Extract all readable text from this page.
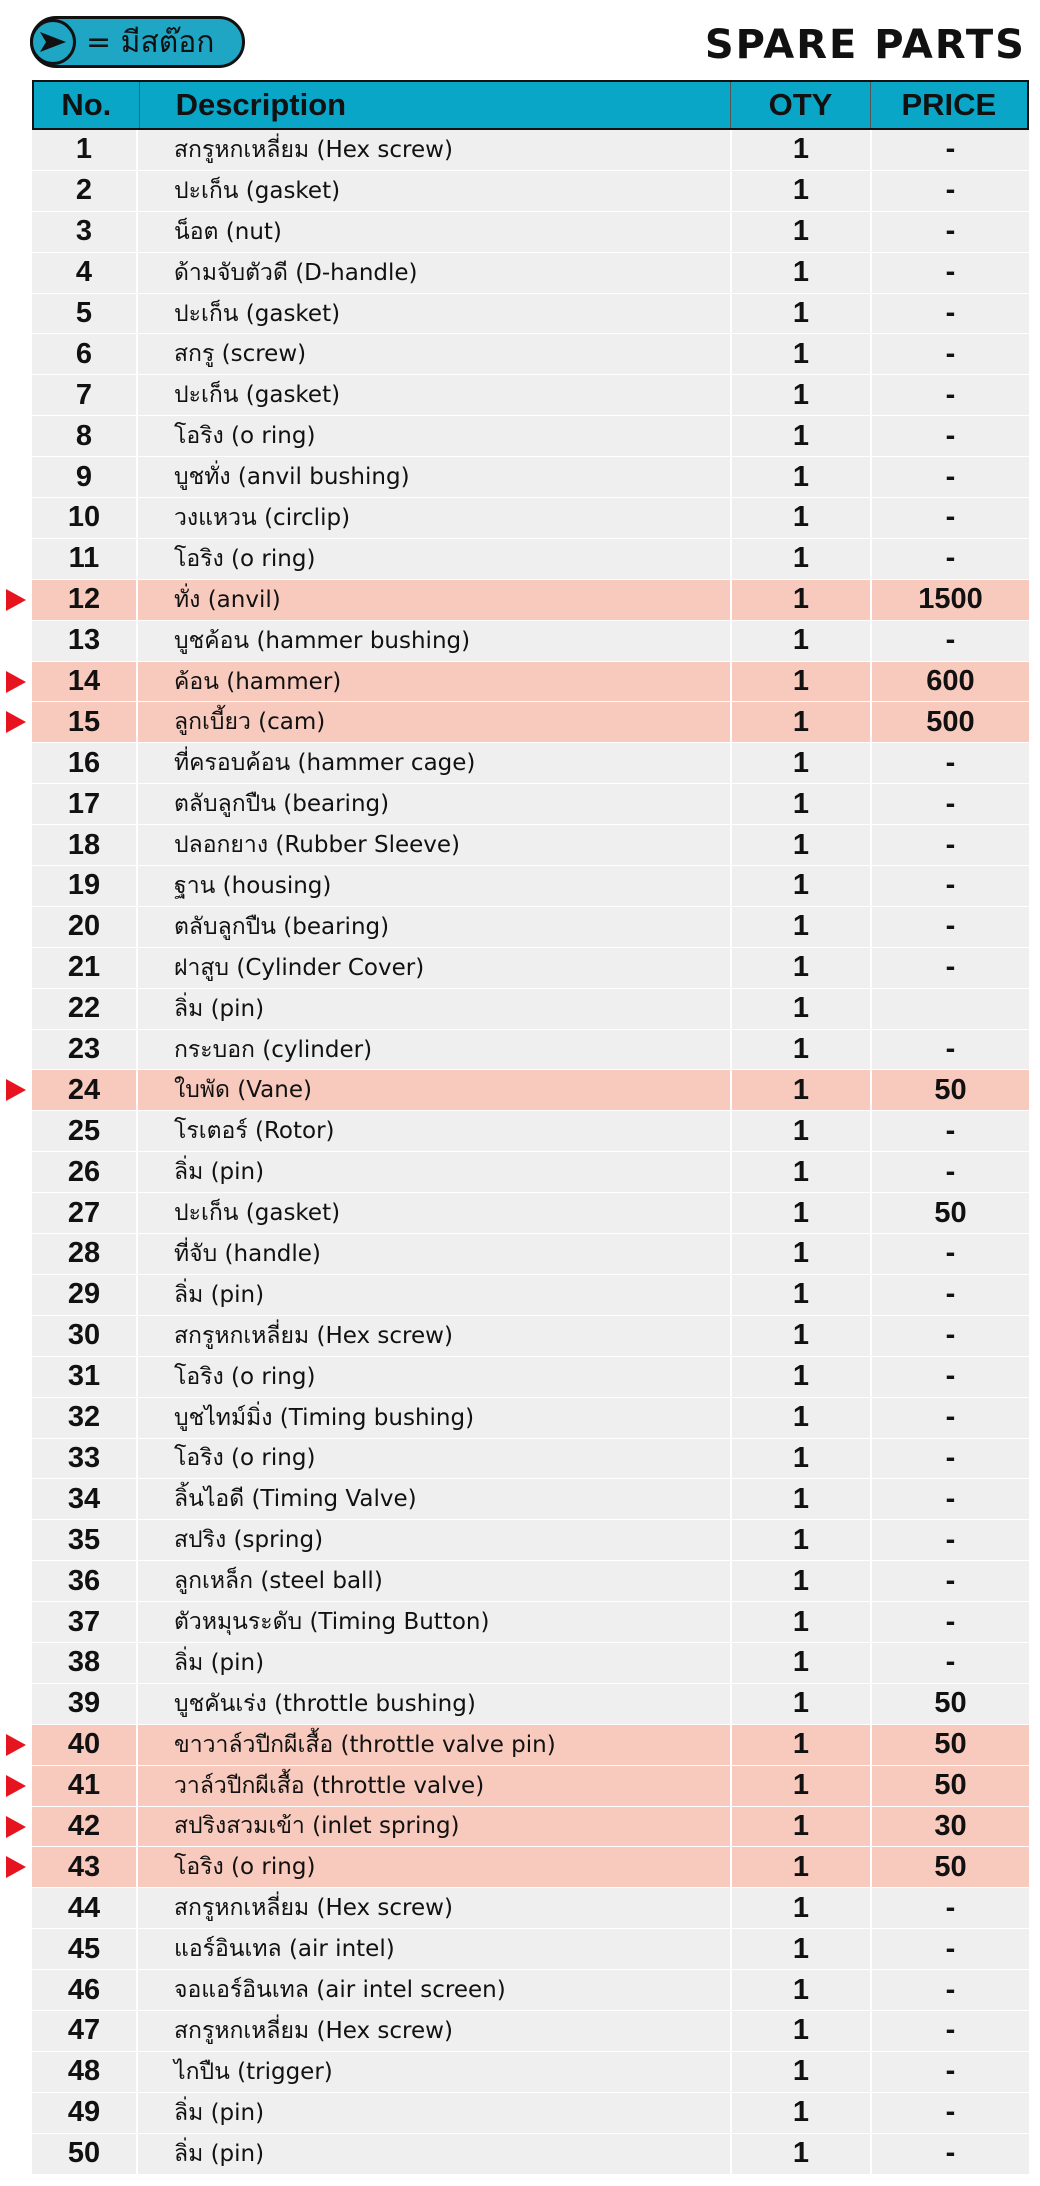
= มีสต๊อก	SPARE PARTS
No.	Description	OTY	PRICE
1	สกรูหกเหลี่ยม (Hex screw)	1	-
2	ปะเก็น (gasket)	1	-
3	น็อต (nut)	1	-
4	ด้ามจับตัวดี (D-handle)	1	-
5	ปะเก็น (gasket)	1	-
6	สกรู (screw)	1	-
7	ปะเก็น (gasket)	1	-
8	โอริง (o ring)	1	-
9	บูชทั่ง (anvil bushing)	1	-
10	วงแหวน (circlip)	1	-
11	โอริง (o ring)	1	-
12	ทั่ง (anvil)	1	1500
13	บูชค้อน (hammer bushing)	1	-
14	ค้อน (hammer)	1	600
15	ลูกเบี้ยว (cam)	1	500
16	ที่ครอบค้อน (hammer cage)	1	-
17	ตลับลูกปืน (bearing)	1	-
18	ปลอกยาง (Rubber Sleeve)	1	-
19	ฐาน (housing)	1	-
20	ตลับลูกปืน (bearing)	1	-
21	ฝาสูบ (Cylinder Cover)	1	-
22	ลิ่ม (pin)	1
23	กระบอก (cylinder)	1	-
24	ใบพัด (Vane)	1	50
25	โรเตอร์ (Rotor)	1	-
26	ลิ่ม (pin)	1	-
27	ปะเก็น (gasket)	1	50
28	ที่จับ (handle)	1	-
29	ลิ่ม (pin)	1	-
30	สกรูหกเหลี่ยม (Hex screw)	1	-
31	โอริง (o ring)	1	-
32	บูชไทม์มิ่ง (Timing bushing)	1	-
33	โอริง (o ring)	1	-
34	ลิ้นไอดี (Timing Valve)	1	-
35	สปริง (spring)	1	-
36	ลูกเหล็ก (steel ball)	1	-
37	ตัวหมุนระดับ (Timing Button)	1	-
38	ลิ่ม (pin)	1	-
39	บูชคันเร่ง (throttle bushing)	1	50
40	ขาวาล์วปีกผีเสื้อ (throttle valve pin)	1	50
41	วาล์วปีกผีเสื้อ (throttle valve)	1	50
42	สปริงสวมเข้า (inlet spring)	1	30
43	โอริง (o ring)	1	50
44	สกรูหกเหลี่ยม (Hex screw)	1	-
45	แอร์อินเทล (air intel)	1	-
46	จอแอร์อินเทล (air intel screen)	1	-
47	สกรูหกเหลี่ยม (Hex screw)	1	-
48	ไกปืน (trigger)	1	-
49	ลิ่ม (pin)	1	-
50	ลิ่ม (pin)	1	-
